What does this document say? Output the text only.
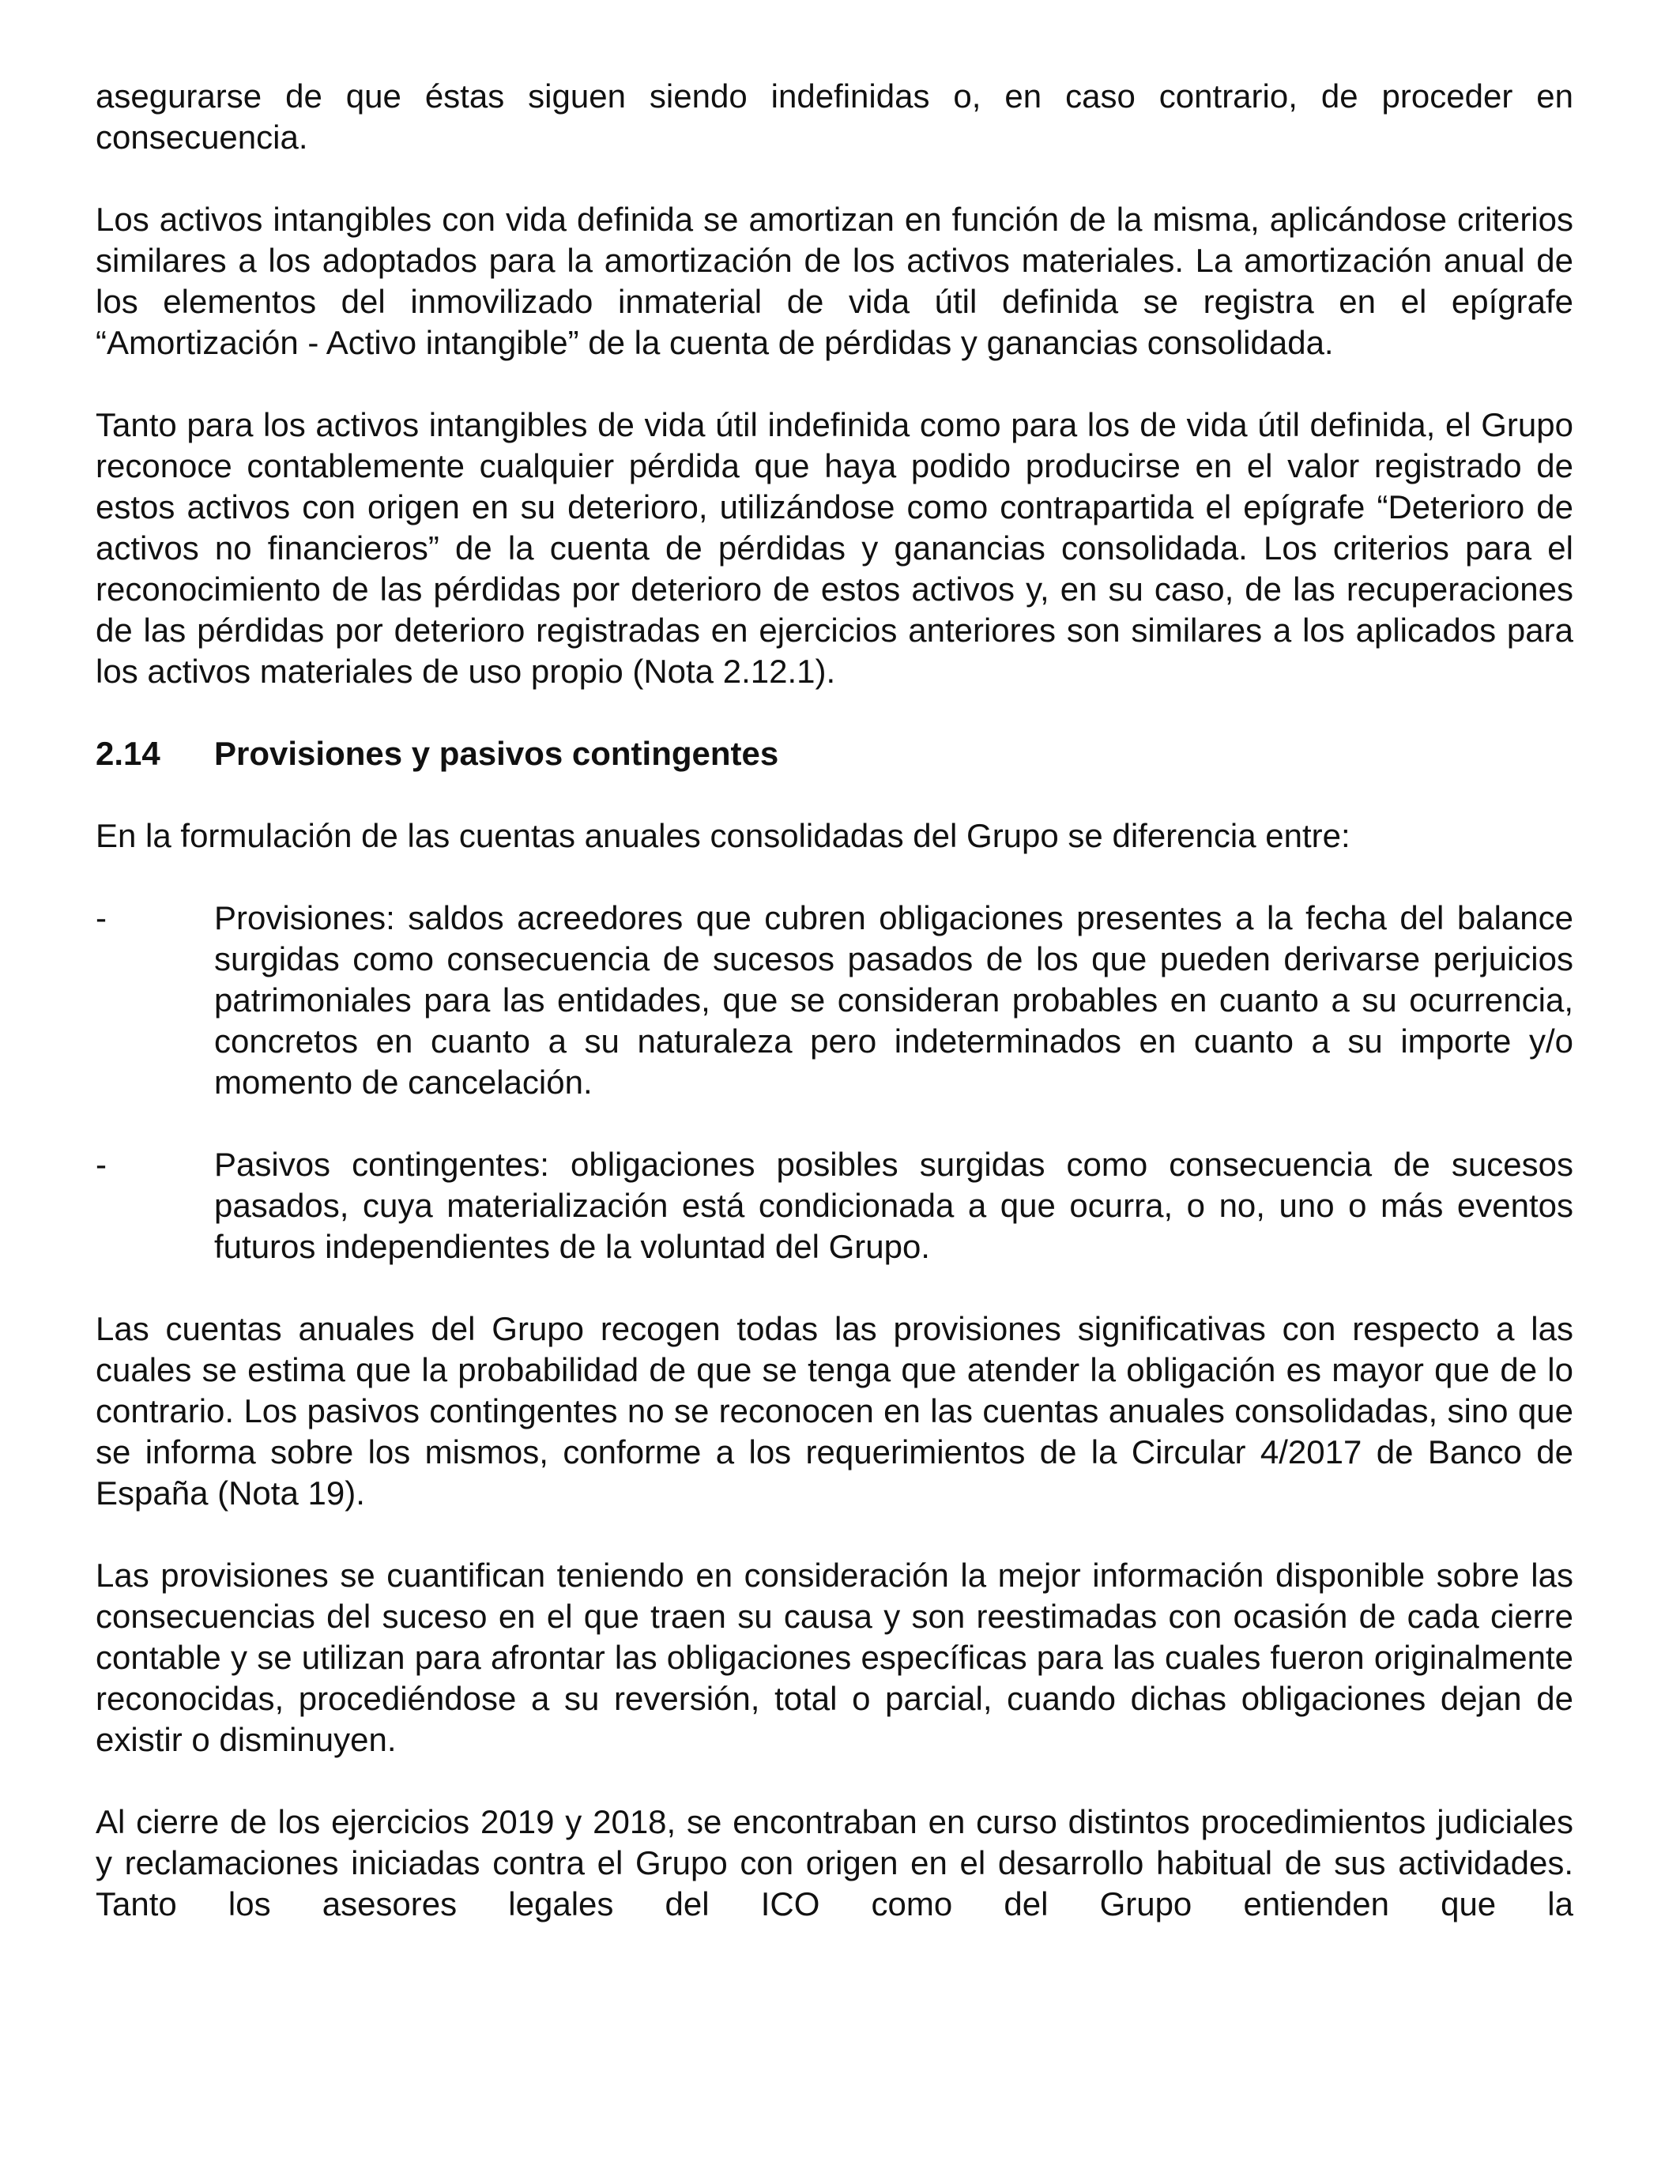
asegurarse de que éstas siguen siendo indefinidas o, en caso contrario, de proceder en consecuencia.

Los activos intangibles con vida definida se amortizan en función de la misma, aplicándose criterios similares a los adoptados para la amortización de los activos materiales. La amortización anual de los elementos del inmovilizado inmaterial de vida útil definida se registra en el epígrafe “Amortización - Activo intangible” de la cuenta de pérdidas y ganancias consolidada.

Tanto para los activos intangibles de vida útil indefinida como para los de vida útil definida, el Grupo reconoce contablemente cualquier pérdida que haya podido producirse en el valor registrado de estos activos con origen en su deterioro, utilizándose como contrapartida el epígrafe “Deterioro de activos no financieros” de la cuenta de pérdidas y ganancias consolidada. Los criterios para el reconocimiento de las pérdidas por deterioro de estos activos y, en su caso, de las recuperaciones de las pérdidas por deterioro registradas en ejercicios anteriores son similares a los aplicados para los activos materiales de uso propio (Nota 2.12.1).

2.14	Provisiones y pasivos contingentes

En la formulación de las cuentas anuales consolidadas del Grupo se diferencia entre:

-	Provisiones: saldos acreedores que cubren obligaciones presentes a la fecha del balance surgidas como consecuencia de sucesos pasados de los que pueden derivarse perjuicios patrimoniales para las entidades, que se consideran probables en cuanto a su ocurrencia, concretos en cuanto a su naturaleza pero indeterminados en cuanto a su importe y/o momento de cancelación.
-	Pasivos contingentes: obligaciones posibles surgidas como consecuencia de sucesos pasados, cuya materialización está condicionada a que ocurra, o no, uno o más eventos futuros independientes de la voluntad del Grupo.

Las cuentas anuales del Grupo recogen todas las provisiones significativas con respecto a las cuales se estima que la probabilidad de que se tenga que atender la obligación es mayor que de lo contrario. Los pasivos contingentes no se reconocen en las cuentas anuales consolidadas, sino que se informa sobre los mismos, conforme a los requerimientos de la Circular 4/2017 de Banco de España (Nota 19).

Las provisiones se cuantifican teniendo en consideración la mejor información disponible sobre las consecuencias del suceso en el que traen su causa y son reestimadas con ocasión de cada cierre contable y se utilizan para afrontar las obligaciones específicas para las cuales fueron originalmente reconocidas, procediéndose a su reversión, total o parcial, cuando dichas obligaciones dejan de existir o disminuyen.

Al cierre de los ejercicios 2019 y 2018, se encontraban en curso distintos procedimientos judiciales y reclamaciones iniciadas contra el Grupo con origen en el desarrollo habitual de sus actividades. Tanto los asesores legales del ICO como del Grupo entienden que la
